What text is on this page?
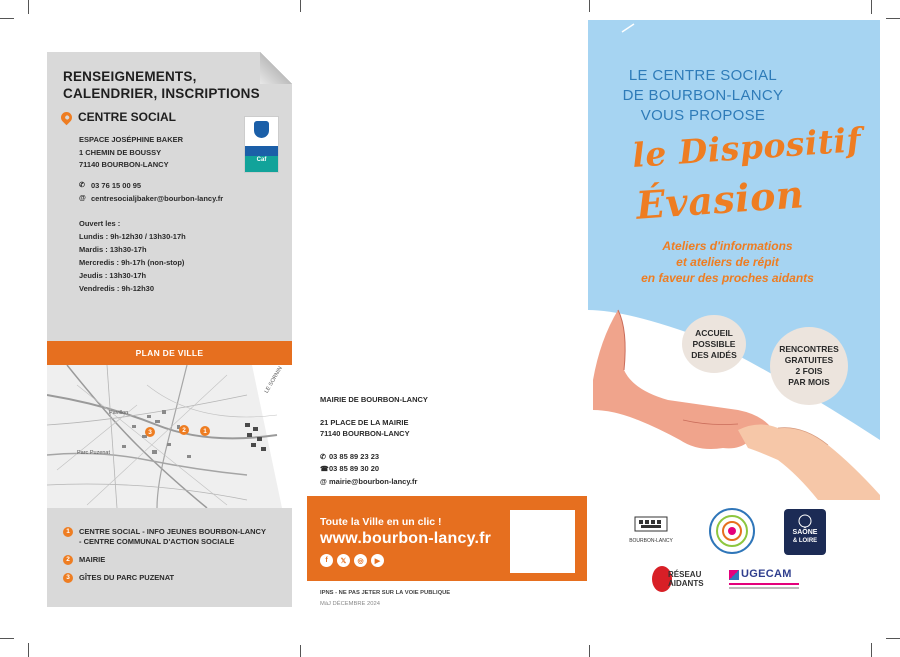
RENSEIGNEMENTS,
CALENDRIER, INSCRIPTIONS
CENTRE SOCIAL
ESPACE JOSÉPHINE BAKER
1 CHEMIN DE BOUSSY
71140 BOURBON-LANCY	Caf
✆ 03 76 15 00 95
@ centresocialjbaker@bourbon-lancy.fr
Ouvert les :
Lundis : 9h-12h30 / 13h30-17h
Mardis : 13h30-17h
Mercredis : 9h-17h (non-stop)
Jeudis : 13h30-17h
Vendredis : 9h-12h30
PLAN DE VILLE
Parc Puzenat
LE SORNIN
Pavillon
3	2	1
1	CENTRE SOCIAL - INFO JEUNES BOURBON-LANCY
- CENTRE COMMUNAL D'ACTION SOCIALE
2	MAIRIE
3	GÎTES DU PARC PUZENAT
MAIRIE DE BOURBON-LANCY
21 PLACE DE LA MAIRIE
71140 BOURBON-LANCY
✆ 03 85 89 23 23
☎03 85 89 30 20
@ mairie@bourbon-lancy.fr
Toute la Ville en un clic !
www.bourbon-lancy.fr
f	𝕏	◎	▶
IPNS - NE PAS JETER SUR LA VOIE PUBLIQUE
MàJ DÉCEMBRE 2024
LE CENTRE SOCIAL
DE BOURBON-LANCY
VOUS PROPOSE
le Dispositif
Évasion
Ateliers d'informations
et ateliers de répit
en faveur des proches aidants
ACCUEIL
POSSIBLE
DES AIDÉS
RENCONTRES
GRATUITES
2 FOIS
PAR MOIS
BOURBON-LANCY
SAÔNE
& LOIRE
RÉSEAU
AIDANTS
UGECAM
